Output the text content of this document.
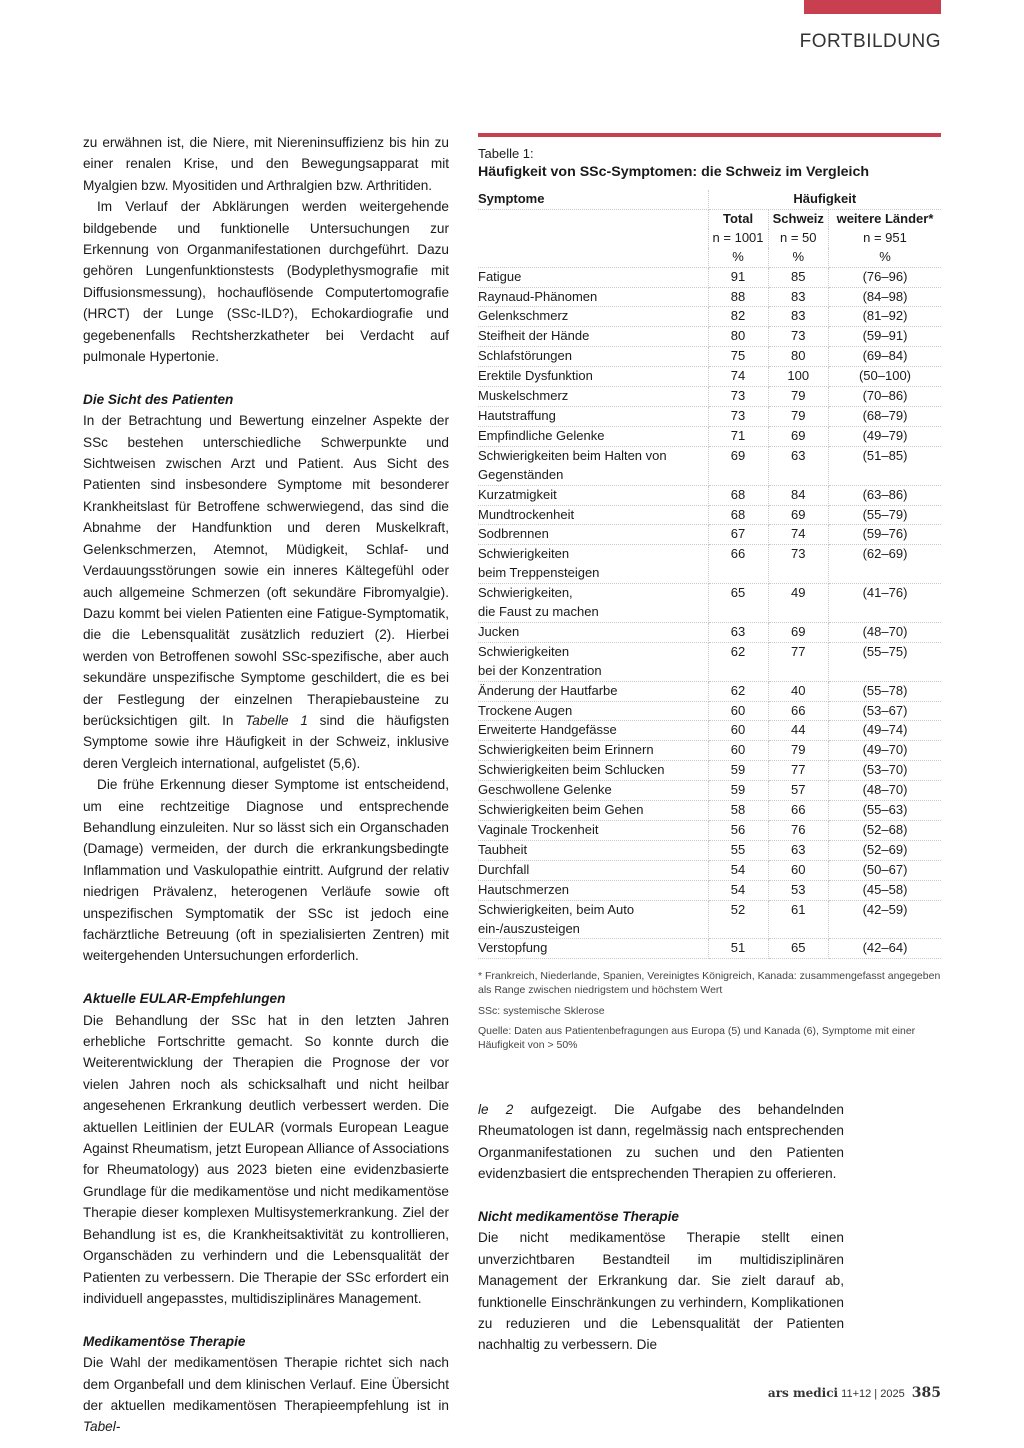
FORTBILDUNG

zu erwähnen ist, die Niere, mit Niereninsuffizienz bis hin zu einer renalen Krise, und den Bewegungsapparat mit Myalgien bzw. Myositiden und Arthralgien bzw. Arthritiden.

Im Verlauf der Abklärungen werden weitergehende bildgebende und funktionelle Untersuchungen zur Erkennung von Organmanifestationen durchgeführt. Dazu gehören Lungenfunktionstests (Bodyplethysmografie mit Diffusionsmessung), hochauflösende Computertomografie (HRCT) der Lunge (SSc-ILD?), Echokardiografie und gegebenenfalls Rechtsherzkatheter bei Verdacht auf pulmonale Hypertonie.

Die Sicht des Patienten

In der Betrachtung und Bewertung einzelner Aspekte der SSc bestehen unterschiedliche Schwerpunkte und Sichtweisen zwischen Arzt und Patient. Aus Sicht des Patienten sind insbesondere Symptome mit besonderer Krankheitslast für Betroffene schwerwiegend, das sind die Abnahme der Handfunktion und deren Muskelkraft, Gelenkschmerzen, Atemnot, Müdigkeit, Schlaf- und Verdauungsstörungen sowie ein inneres Kältegefühl oder auch allgemeine Schmerzen (oft sekundäre Fibromyalgie). Dazu kommt bei vielen Patienten eine Fatigue-Symptomatik, die die Lebensqualität zusätzlich reduziert (2). Hierbei werden von Betroffenen sowohl SSc-spezifische, aber auch sekundäre unspezifische Symptome geschildert, die es bei der Festlegung der einzelnen Therapiebausteine zu berücksichtigen gilt. In Tabelle 1 sind die häufigsten Symptome sowie ihre Häufigkeit in der Schweiz, inklusive deren Vergleich international, aufgelistet (5,6).

Die frühe Erkennung dieser Symptome ist entscheidend, um eine rechtzeitige Diagnose und entsprechende Behandlung einzuleiten. Nur so lässt sich ein Organschaden (Damage) vermeiden, der durch die erkrankungsbedingte Inflammation und Vaskulopathie eintritt. Aufgrund der relativ niedrigen Prävalenz, heterogenen Verläufe sowie oft unspezifischen Symptomatik der SSc ist jedoch eine fachärztliche Betreuung (oft in spezialisierten Zentren) mit weitergehenden Untersuchungen erforderlich.

Aktuelle EULAR-Empfehlungen

Die Behandlung der SSc hat in den letzten Jahren erhebliche Fortschritte gemacht. So konnte durch die Weiterentwicklung der Therapien die Prognose der vor vielen Jahren noch als schicksalhaft und nicht heilbar angesehenen Erkrankung deutlich verbessert werden. Die aktuellen Leitlinien der EULAR (vormals European League Against Rheumatism, jetzt European Alliance of Associations for Rheumatology) aus 2023 bieten eine evidenzbasierte Grundlage für die medikamentöse und nicht medikamentöse Therapie dieser komplexen Multisystemerkrankung. Ziel der Behandlung ist es, die Krankheitsaktivität zu kontrollieren, Organschäden zu verhindern und die Lebensqualität der Patienten zu verbessern. Die Therapie der SSc erfordert ein individuell angepasstes, multidisziplinäres Management.

Medikamentöse Therapie

Die Wahl der medikamentösen Therapie richtet sich nach dem Organbefall und dem klinischen Verlauf. Eine Übersicht der aktuellen medikamentösen Therapieempfehlung ist in Tabel-

Tabelle 1:
Häufigkeit von SSc-Symptomen: die Schweiz im Vergleich
Symptome	Häufigkeit		
	Total	Schweiz	weitere Länder*
	n = 1001	n = 50	n = 951
	%	%	%
Fatigue	91	85	(76–96)
Raynaud-Phänomen	88	83	(84–98)
Gelenkschmerz	82	83	(81–92)
Steifheit der Hände	80	73	(59–91)
Schlafstörungen	75	80	(69–84)
Erektile Dysfunktion	74	100	(50–100)
Muskelschmerz	73	79	(70–86)
Hautstraffung	73	79	(68–79)
Empfindliche Gelenke	71	69	(49–79)
Schwierigkeiten beim Halten von Gegenständen	69	63	(51–85)
Kurzatmigkeit	68	84	(63–86)
Mundtrockenheit	68	69	(55–79)
Sodbrennen	67	74	(59–76)
Schwierigkeiten
beim Treppensteigen	66	73	(62–69)
Schwierigkeiten,
die Faust zu machen	65	49	(41–76)
Jucken	63	69	(48–70)
Schwierigkeiten
bei der Konzentration	62	77	(55–75)
Änderung der Hautfarbe	62	40	(55–78)
Trockene Augen	60	66	(53–67)
Erweiterte Handgefässe	60	44	(49–74)
Schwierigkeiten beim Erinnern	60	79	(49–70)
Schwierigkeiten beim Schlucken	59	77	(53–70)
Geschwollene Gelenke	59	57	(48–70)
Schwierigkeiten beim Gehen	58	66	(55–63)
Vaginale Trockenheit	56	76	(52–68)
Taubheit	55	63	(52–69)
Durchfall	54	60	(50–67)
Hautschmerzen	54	53	(45–58)
Schwierigkeiten, beim Auto
ein-/auszusteigen	52	61	(42–59)
Verstopfung	51	65	(42–64)

* Frankreich, Niederlande, Spanien, Vereinigtes Königreich, Kanada: zusammengefasst angegeben als Range zwischen niedrigstem und höchstem Wert

SSc: systemische Sklerose

Quelle: Daten aus Patientenbefragungen aus Europa (5) und Kanada (6), Symptome mit einer Häufigkeit von > 50%

le 2 aufgezeigt. Die Aufgabe des behandelnden Rheumatologen ist dann, regelmässig nach entsprechenden Organmanifestationen zu suchen und den Patienten evidenzbasiert die entsprechenden Therapien zu offerieren.

Nicht medikamentöse Therapie

Die nicht medikamentöse Therapie stellt einen unverzichtbaren Bestandteil im multidisziplinären Management der Erkrankung dar. Sie zielt darauf ab, funktionelle Einschränkungen zu verhindern, Komplikationen zu reduzieren und die Lebensqualität der Patienten nachhaltig zu verbessern. Die

ars medici 11+12 | 2025 385
